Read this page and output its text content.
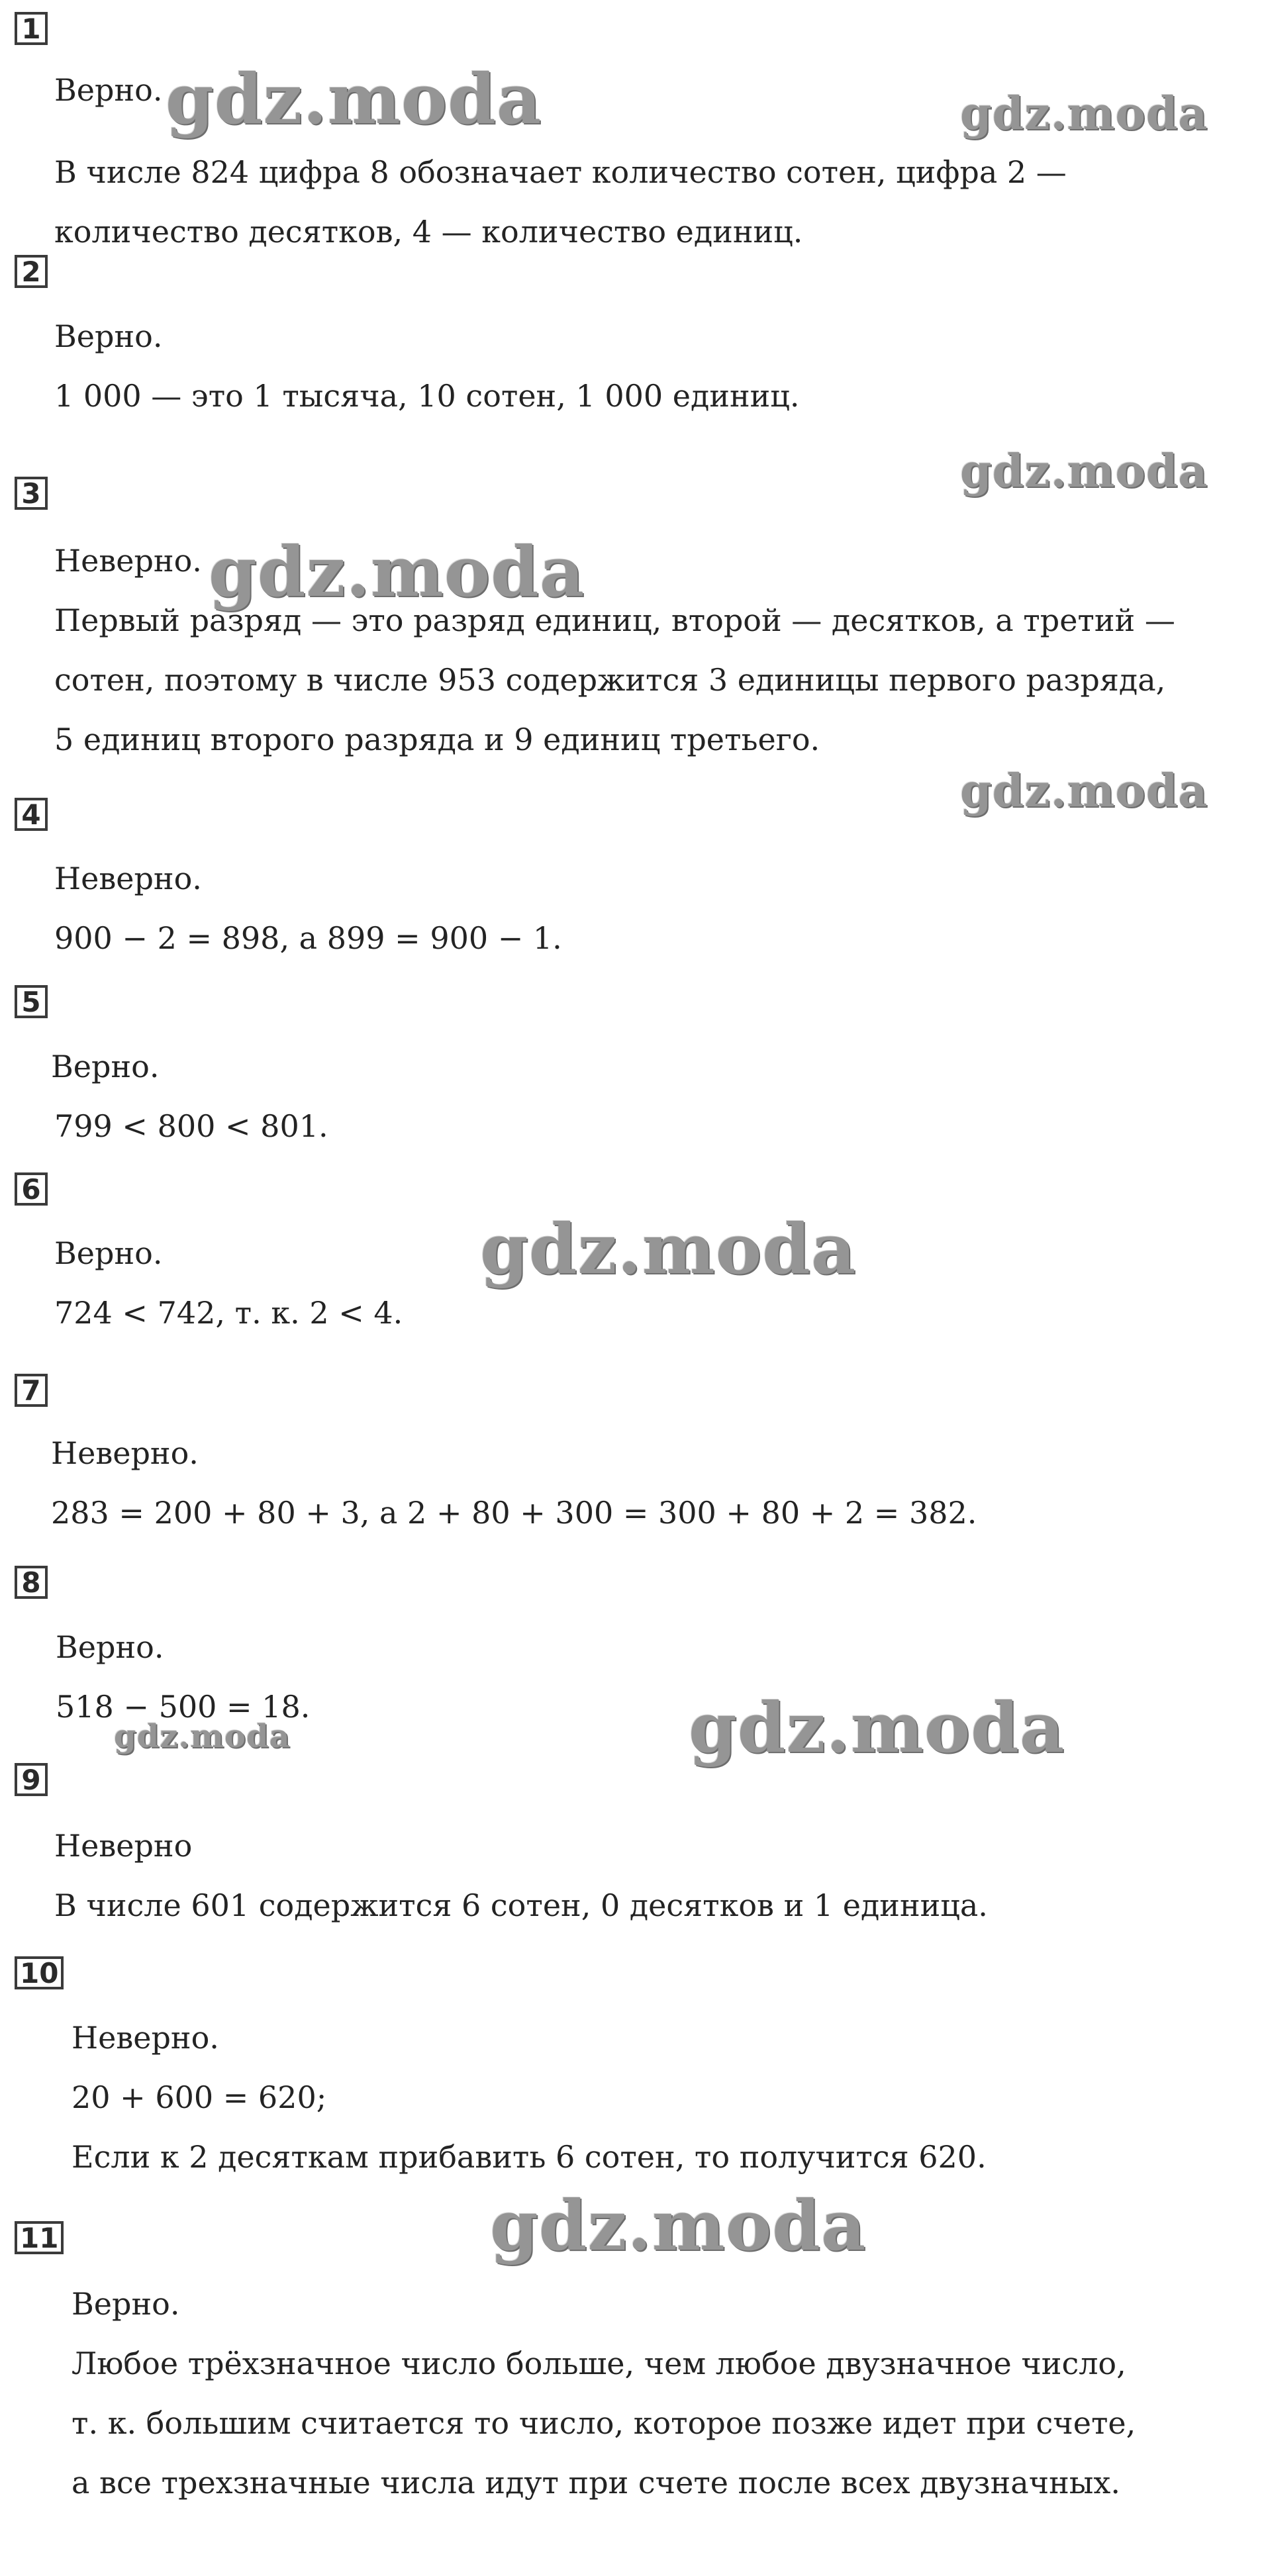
1
Верно.
В числе 824 цифра 8 обозначает количество сотен, цифра 2 —
количество десятков, 4 — количество единиц.
2
Верно.
1 000 — это 1 тысяча, 10 сотен, 1 000 единиц.
3
Неверно.
Первый разряд — это разряд единиц, второй — десятков, а третий —
сотен, поэтому в числе 953 содержится 3 единицы первого разряда,
5 единиц второго разряда и 9 единиц третьего.
4
Неверно.
900 − 2 = 898, а 899 = 900 − 1.
5
Верно.
799 < 800 < 801.
6
Верно.
724 < 742, т. к. 2 < 4.
7
Неверно.
283 = 200 + 80 + 3, а 2 + 80 + 300 = 300 + 80 + 2 = 382.
8
Верно.
518 − 500 = 18.
9
Неверно
В числе 601 содержится 6 сотен, 0 десятков и 1 единица.
10
Неверно.
20 + 600 = 620;
Если к 2 десяткам прибавить 6 сотен, то получится 620.
11
Верно.
Любое трёхзначное число больше, чем любое двузначное число,
т. к. большим считается то число, которое позже идет при счете,
а все трехзначные числа идут при счете после всех двузначных.
gdz.moda	gdz.moda
gdz.moda
gdz.moda
gdz.moda
gdz.moda
gdz.moda
gdz.moda
gdz.moda
